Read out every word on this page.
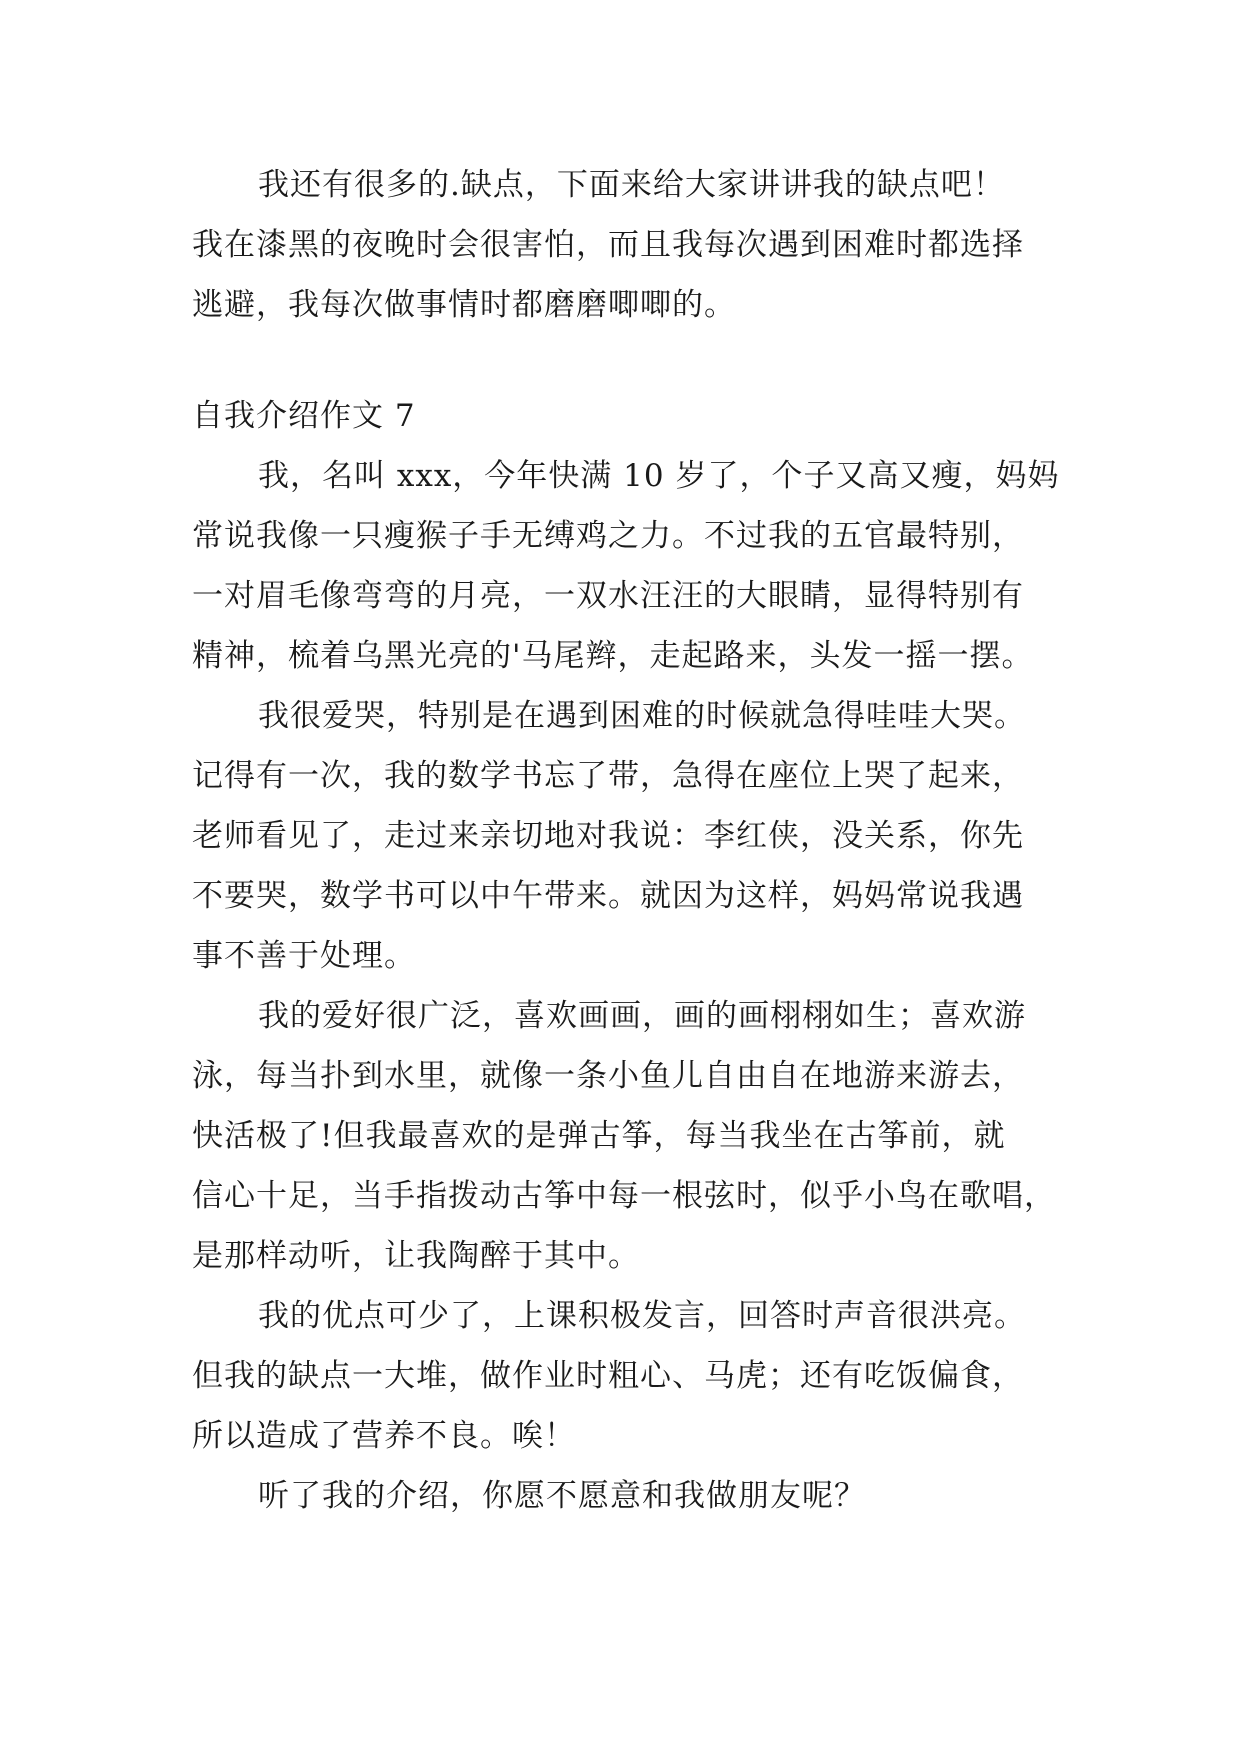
我还有很多的.缺点，下面来给大家讲讲我的缺点吧！
我在漆黑的夜晚时会很害怕，而且我每次遇到困难时都选择
逃避，我每次做事情时都磨磨唧唧的。
自我介绍作文 7
我，名叫 xxx，今年快满 10 岁了，个子又高又瘦，妈妈
常说我像一只瘦猴子手无缚鸡之力。不过我的五官最特别，
一对眉毛像弯弯的月亮，一双水汪汪的大眼睛，显得特别有
精神，梳着乌黑光亮的'马尾辫，走起路来，头发一摇一摆。
我很爱哭，特别是在遇到困难的时候就急得哇哇大哭。
记得有一次，我的数学书忘了带，急得在座位上哭了起来，
老师看见了，走过来亲切地对我说：李红侠，没关系，你先
不要哭，数学书可以中午带来。就因为这样，妈妈常说我遇
事不善于处理。
我的爱好很广泛，喜欢画画，画的画栩栩如生；喜欢游
泳，每当扑到水里，就像一条小鱼儿自由自在地游来游去，
快活极了!但我最喜欢的是弹古筝，每当我坐在古筝前，就
信心十足，当手指拨动古筝中每一根弦时，似乎小鸟在歌唱，
是那样动听，让我陶醉于其中。
我的优点可少了，上课积极发言，回答时声音很洪亮。
但我的缺点一大堆，做作业时粗心、马虎；还有吃饭偏食，
所以造成了营养不良。唉！
听了我的介绍，你愿不愿意和我做朋友呢？
